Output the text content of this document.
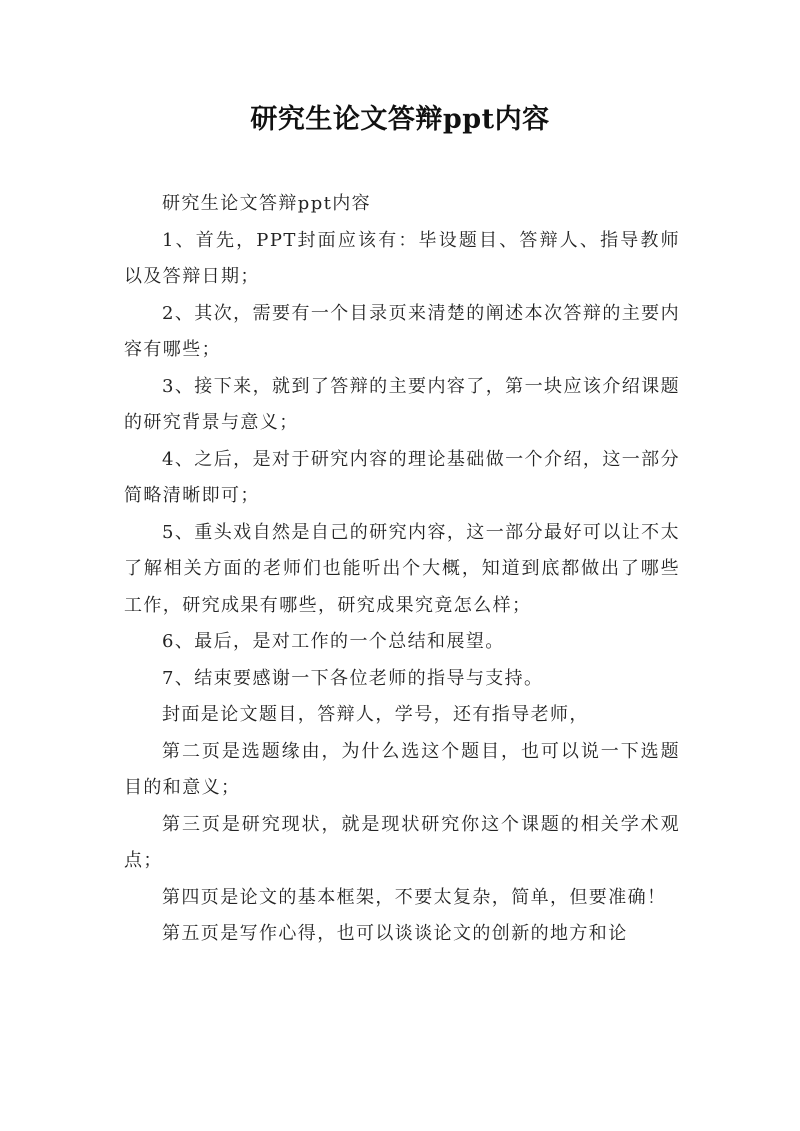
研究生论文答辩ppt内容

研究生论文答辩ppt内容

1、首先，PPT封面应该有：毕设题目、答辩人、指导教师以及答辩日期；

2、其次，需要有一个目录页来清楚的阐述本次答辩的主要内容有哪些；

3、接下来，就到了答辩的主要内容了，第一块应该介绍课题的研究背景与意义；

4、之后，是对于研究内容的理论基础做一个介绍，这一部分简略清晰即可；

5、重头戏自然是自己的研究内容，这一部分最好可以让不太了解相关方面的老师们也能听出个大概，知道到底都做出了哪些工作，研究成果有哪些，研究成果究竟怎么样；

6、最后，是对工作的一个总结和展望。

7、结束要感谢一下各位老师的指导与支持。

封面是论文题目，答辩人，学号，还有指导老师，

第二页是选题缘由，为什么选这个题目，也可以说一下选题目的和意义；

第三页是研究现状，就是现状研究你这个课题的相关学术观点；

第四页是论文的基本框架，不要太复杂，简单，但要准确！

第五页是写作心得，也可以谈谈论文的创新的地方和论
